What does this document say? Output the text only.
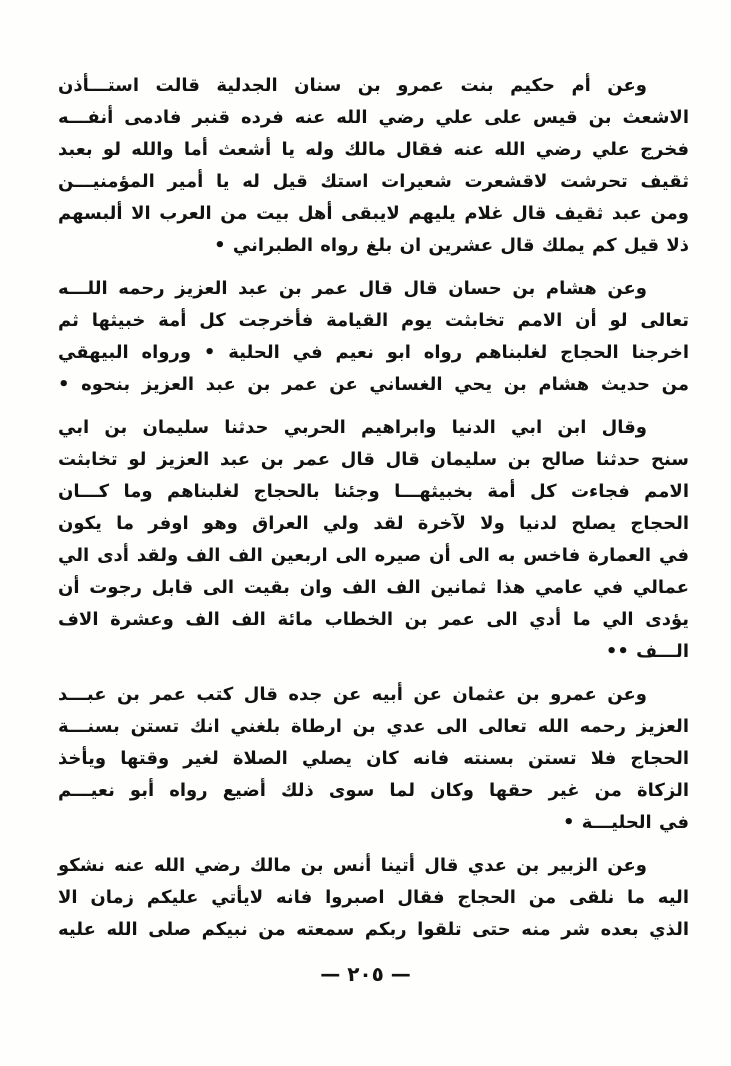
وعن أم حكيم بنت عمرو بن سنان الجدلية قالت استـــأذن
الاشعث بن قيس على علي رضي الله عنه فرده قنبر فادمى أنفـــه
فخرج علي رضي الله عنه فقال مالك وله يا أشعث أما والله لو بعبد
ثقيف تحرشت لاقشعرت شعيرات استك قيل له يا أمير المؤمنيـــن
ومن عبد ثقيف قال غلام يليهم لايبقى أهل بيت من العرب الا ألبسهم
ذلا قيل كم يملك قال عشرين ان بلغ رواه الطبراني •

وعن هشام بن حسان قال قال عمر بن عبد العزيز رحمه اللـــه
تعالى لو أن الامم تخابثت يوم القيامة فأخرجت كل أمة خبيثها ثم
اخرجنا الحجاج لغلبناهم رواه ابو نعيم في الحلية • ورواه البيهقي
من حديث هشام بن يحي الغساني عن عمر بن عبد العزيز بنحوه •

وقال ابن ابي الدنيا وابراهيم الحربي حدثنا سليمان بن ابي
سنح حدثنا صالح بن سليمان قال قال عمر بن عبد العزيز لو تخابثت
الامم فجاءت كل أمة بخبيثهـــا وجئنا بالحجاج لغلبناهم وما كـــان
الحجاج يصلح لدنيا ولا لآخرة لقد ولي العراق وهو اوفر ما يكون
في العمارة فاخس به الى أن صيره الى اربعين الف الف ولقد أدى الي
عمالي في عامي هذا ثمانين الف الف وان بقيت الى قابل رجوت أن
يؤدى الي ما أدي الى عمر بن الخطاب مائة الف الف وعشرة الاف
الـــف ••

وعن عمرو بن عثمان عن أبيه عن جده قال كتب عمر بن عبـــد
العزيز رحمه الله تعالى الى عدي بن ارطاة بلغني انك تستن بسنـــة
الحجاج فلا تستن بسنته فانه كان يصلي الصلاة لغير وقتها ويأخذ
الزكاة من غير حقها وكان لما سوى ذلك أضيع رواه أبو نعيـــم
في الحليـــة •

وعن الزبير بن عدي قال أتينا أنس بن مالك رضي الله عنه نشكو
اليه ما نلقى من الحجاج فقال اصبروا فانه لايأتي عليكم زمان الا
الذي بعده شر منه حتى تلقوا ربكم سمعته من نبيكم صلى الله عليه

— ٢٠٥ —
